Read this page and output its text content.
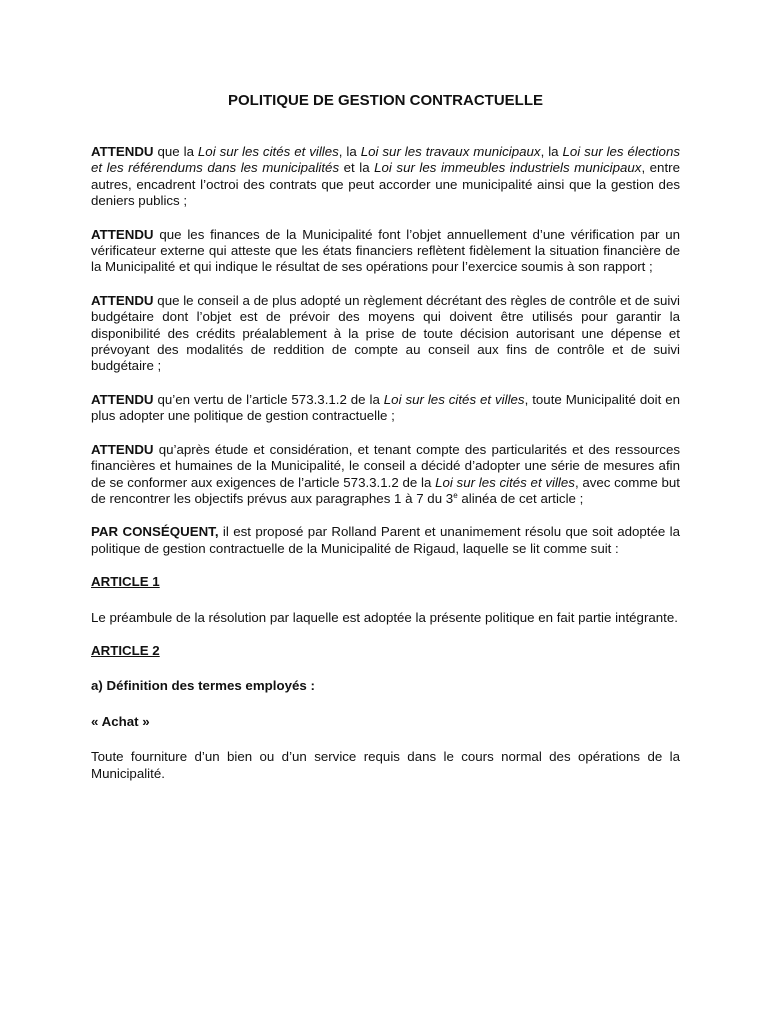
POLITIQUE DE GESTION CONTRACTUELLE

ATTENDU que la Loi sur les cités et villes, la Loi sur les travaux municipaux, la Loi sur les élections et les référendums dans les municipalités et la Loi sur les immeubles industriels municipaux, entre autres, encadrent l’octroi des contrats que peut accorder une municipalité ainsi que la gestion des deniers publics ;

ATTENDU que les finances de la Municipalité font l’objet annuellement d’une vérification par un vérificateur externe qui atteste que les états financiers reflètent fidèlement la situation financière de la Municipalité et qui indique le résultat de ses opérations pour l’exercice soumis à son rapport ;

ATTENDU que le conseil a de plus adopté un règlement décrétant des règles de contrôle et de suivi budgétaire dont l’objet est de prévoir des moyens qui doivent être utilisés pour garantir la disponibilité des crédits préalablement à la prise de toute décision autorisant une dépense et prévoyant des modalités de reddition de compte au conseil aux fins de contrôle et de suivi budgétaire ;

ATTENDU qu’en vertu de l’article 573.3.1.2 de la Loi sur les cités et villes, toute Municipalité doit en plus adopter une politique de gestion contractuelle ;

ATTENDU qu’après étude et considération, et tenant compte des particularités et des ressources financières et humaines de la Municipalité, le conseil a décidé d’adopter une série de mesures afin de se conformer aux exigences de l’article 573.3.1.2 de la Loi sur les cités et villes, avec comme but de rencontrer les objectifs prévus aux paragraphes 1 à 7 du 3e alinéa de cet article ;

PAR CONSÉQUENT, il est proposé par Rolland Parent et unanimement résolu que soit adoptée la politique de gestion contractuelle de la Municipalité de Rigaud, laquelle se lit comme suit :

ARTICLE 1

Le préambule de la résolution par laquelle est adoptée la présente politique en fait partie intégrante.

ARTICLE 2

a) Définition des termes employés :

« Achat »

Toute fourniture d’un bien ou d’un service requis dans le cours normal des opérations de la Municipalité.
